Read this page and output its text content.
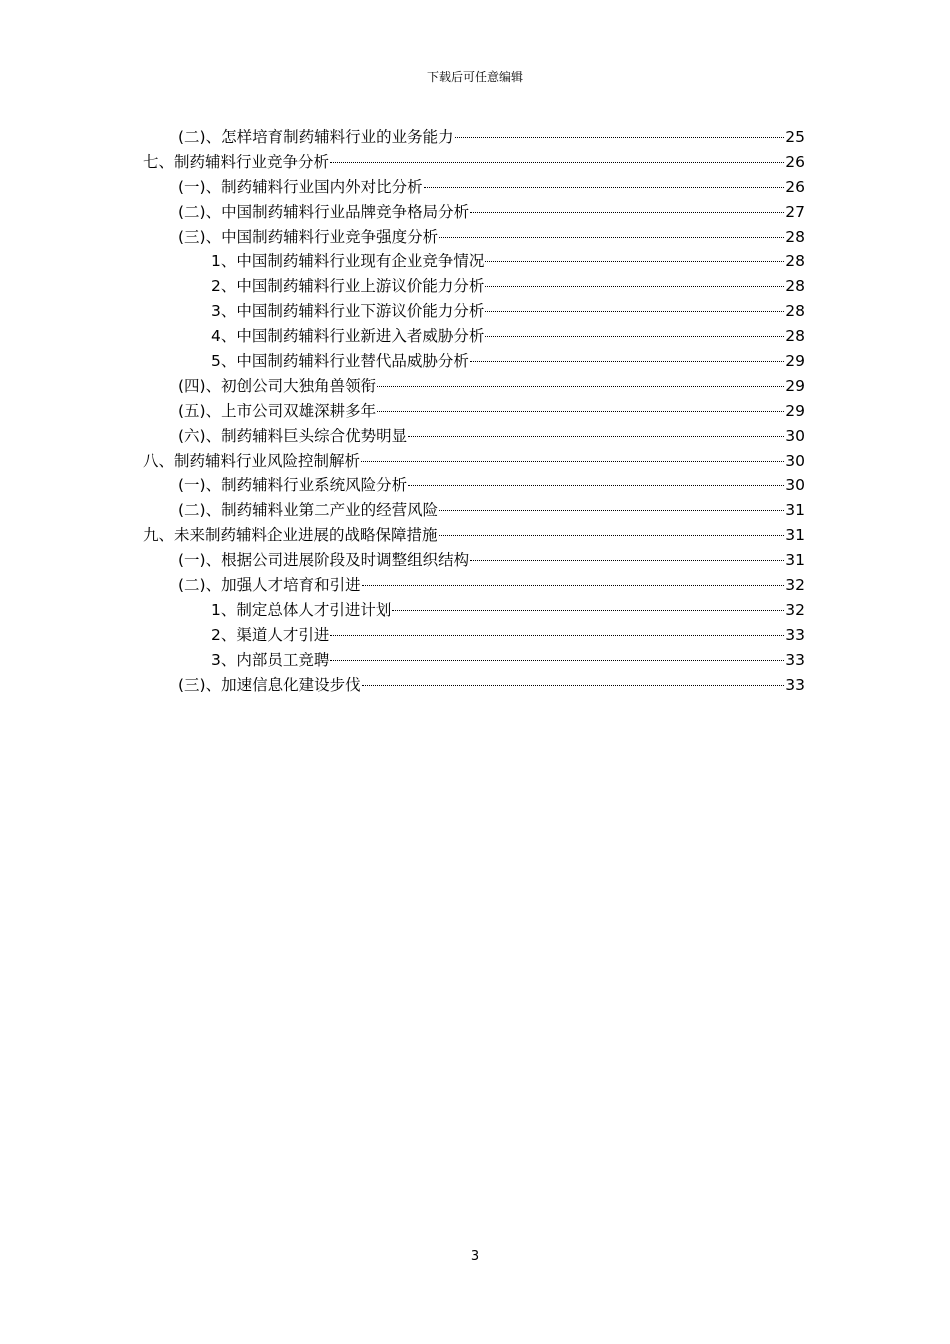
下载后可任意编辑
(二)、怎样培育制药辅料行业的业务能力	25
七、制药辅料行业竞争分析	26
(一)、制药辅料行业国内外对比分析	26
(二)、中国制药辅料行业品牌竞争格局分析	27
(三)、中国制药辅料行业竞争强度分析	28
1、中国制药辅料行业现有企业竞争情况	28
2、中国制药辅料行业上游议价能力分析	28
3、中国制药辅料行业下游议价能力分析	28
4、中国制药辅料行业新进入者威胁分析	28
5、中国制药辅料行业替代品威胁分析	29
(四)、初创公司大独角兽领衔	29
(五)、上市公司双雄深耕多年	29
(六)、制药辅料巨头综合优势明显	30
八、制药辅料行业风险控制解析	30
(一)、制药辅料行业系统风险分析	30
(二)、制药辅料业第二产业的经营风险	31
九、未来制药辅料企业进展的战略保障措施	31
(一)、根据公司进展阶段及时调整组织结构	31
(二)、加强人才培育和引进	32
1、制定总体人才引进计划	32
2、渠道人才引进	33
3、内部员工竞聘	33
(三)、加速信息化建设步伐	33
3
